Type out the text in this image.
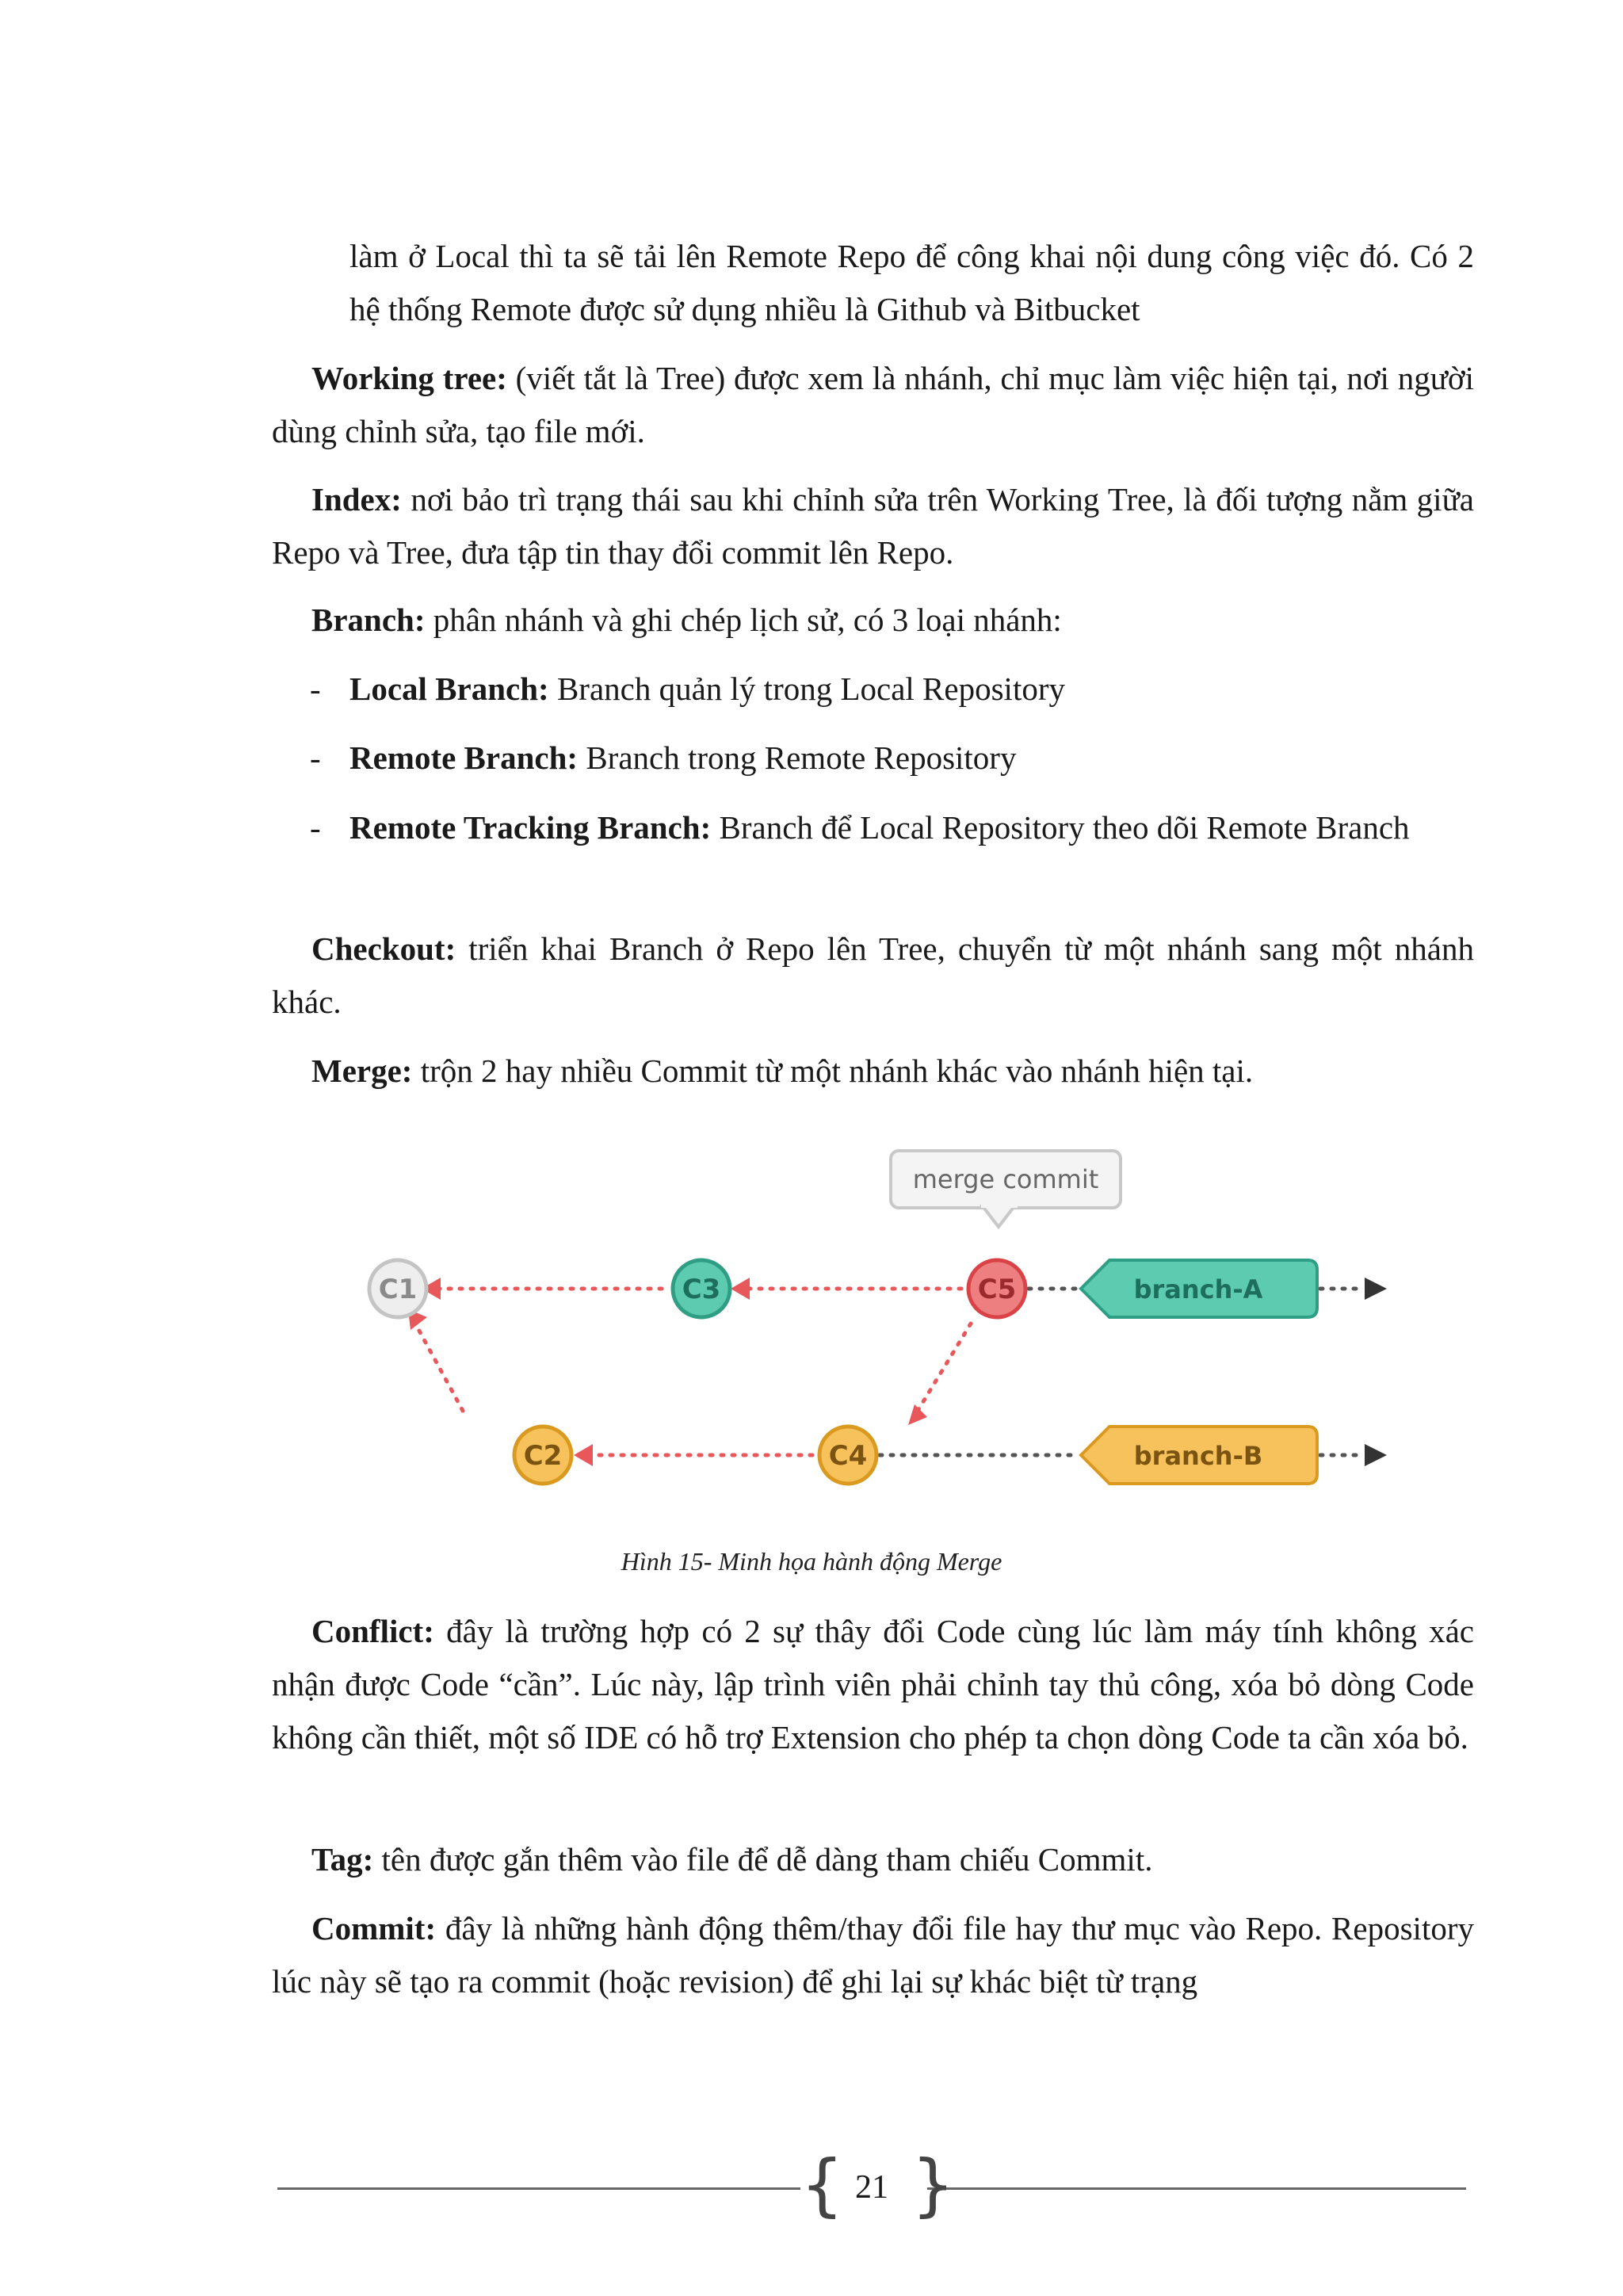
làm ở Local thì ta sẽ tải lên Remote Repo để công khai nội dung công việc đó. Có 2 hệ thống Remote được sử dụng nhiều là Github và Bitbucket

Working tree: (viết tắt là Tree) được xem là nhánh, chỉ mục làm việc hiện tại, nơi người dùng chỉnh sửa, tạo file mới.

Index: nơi bảo trì trạng thái sau khi chỉnh sửa trên Working Tree, là đối tượng nằm giữa Repo và Tree, đưa tập tin thay đổi commit lên Repo.

Branch: phân nhánh và ghi chép lịch sử, có 3 loại nhánh:

- Local Branch: Branch quản lý trong Local Repository
- Remote Branch: Branch trong Remote Repository
- Remote Tracking Branch: Branch để Local Repository theo dõi Remote Branch

Checkout: triển khai Branch ở Repo lên Tree, chuyển từ một nhánh sang một nhánh khác.

Merge: trộn 2 hay nhiều Commit từ một nhánh khác vào nhánh hiện tại.

merge commit
branch-A
branch-B
C1	C3	C5
C2	C4
Hình 15- Minh họa hành động Merge

Conflict: đây là trường hợp có 2 sự thây đổi Code cùng lúc làm máy tính không xác nhận được Code “cần”. Lúc này, lập trình viên phải chỉnh tay thủ công, xóa bỏ dòng Code không cần thiết, một số IDE có hỗ trợ Extension cho phép ta chọn dòng Code ta cần xóa bỏ.

Tag: tên được gắn thêm vào file để dễ dàng tham chiếu Commit.

Commit: đây là những hành động thêm/thay đổi file hay thư mục vào Repo. Repository lúc này sẽ tạo ra commit (hoặc revision) để ghi lại sự khác biệt từ trạng

{ }
21
